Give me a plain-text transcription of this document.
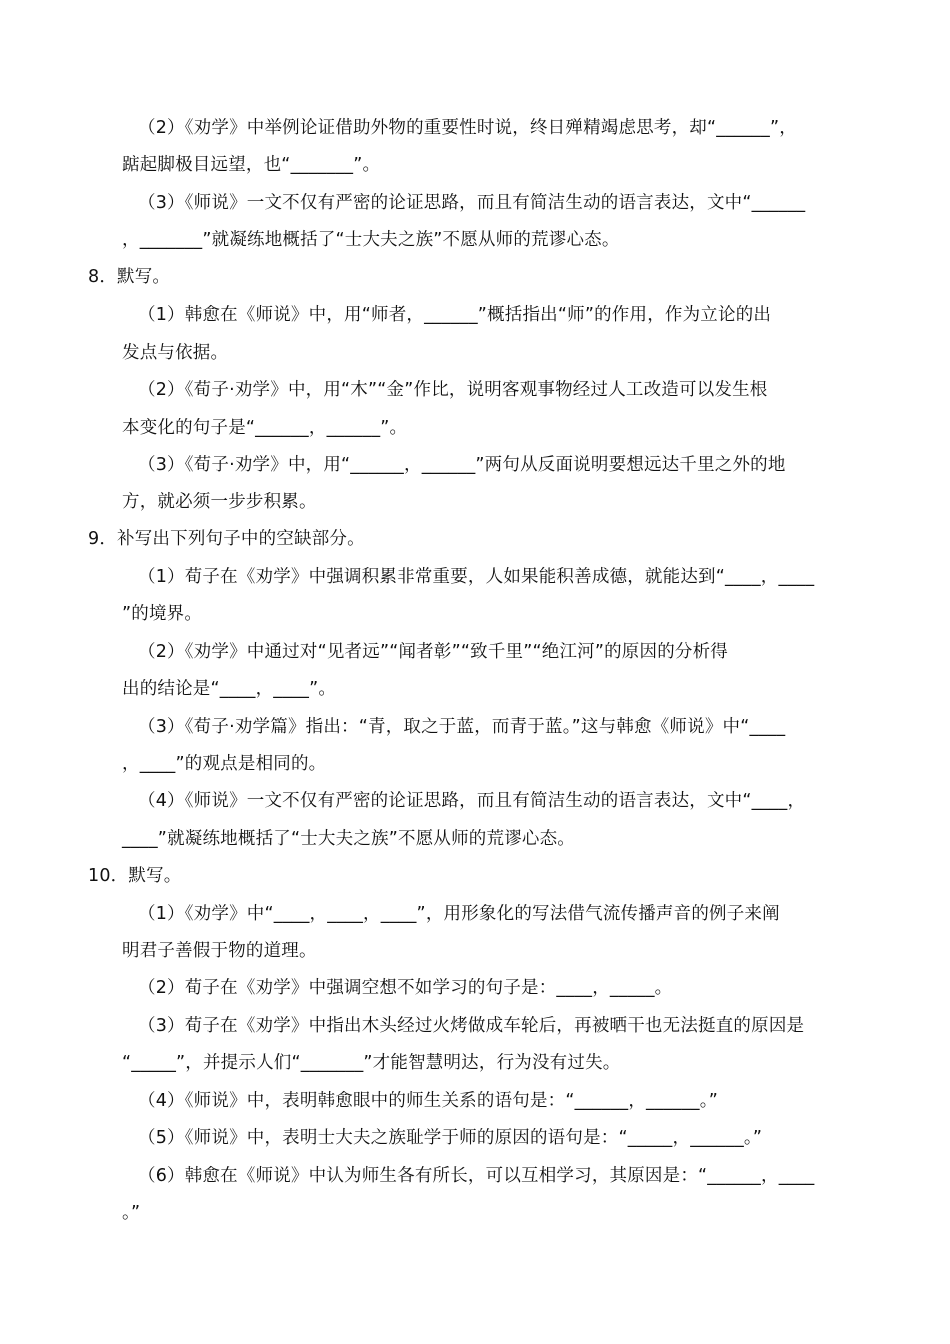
（2）《劝学》中举例论证借助外物的重要性时说，终日殚精竭虑思考，却“______”，
踮起脚极目远望，也“_______”。
（3）《师说》一文不仅有严密的论证思路，而且有简洁生动的语言表达，文中“______
，_______”就凝练地概括了“士大夫之族”不愿从师的荒谬心态。
8．默写。
（1）韩愈在《师说》中，用“师者，______”概括指出“师”的作用，作为立论的出
发点与依据。
（2）《荀子·劝学》中，用“木”“金”作比，说明客观事物经过人工改造可以发生根
本变化的句子是“______，______”。
（3）《荀子·劝学》中，用“______，______”两句从反面说明要想远达千里之外的地
方，就必须一步步积累。
9．补写出下列句子中的空缺部分。
（1）荀子在《劝学》中强调积累非常重要，人如果能积善成德，就能达到“____，____
”的境界。
（2）《劝学》中通过对“见者远”“闻者彰”“致千里”“绝江河”的原因的分析得
出的结论是“____，____”。
（3）《荀子·劝学篇》指出：“青，取之于蓝，而青于蓝。”这与韩愈《师说》中“____
，____”的观点是相同的。
（4）《师说》一文不仅有严密的论证思路，而且有简洁生动的语言表达，文中“____，
____”就凝练地概括了“士大夫之族”不愿从师的荒谬心态。
10．默写。
（1）《劝学》中“____，____，____”，用形象化的写法借气流传播声音的例子来阐
明君子善假于物的道理。
（2）荀子在《劝学》中强调空想不如学习的句子是：____，_____。
（3）荀子在《劝学》中指出木头经过火烤做成车轮后，再被晒干也无法挺直的原因是
“_____”，并提示人们“_______”才能智慧明达，行为没有过失。
（4）《师说》中，表明韩愈眼中的师生关系的语句是：“______，______。”
（5）《师说》中，表明士大夫之族耻学于师的原因的语句是：“_____，______。”
（6）韩愈在《师说》中认为师生各有所长，可以互相学习，其原因是：“______，____
。”
